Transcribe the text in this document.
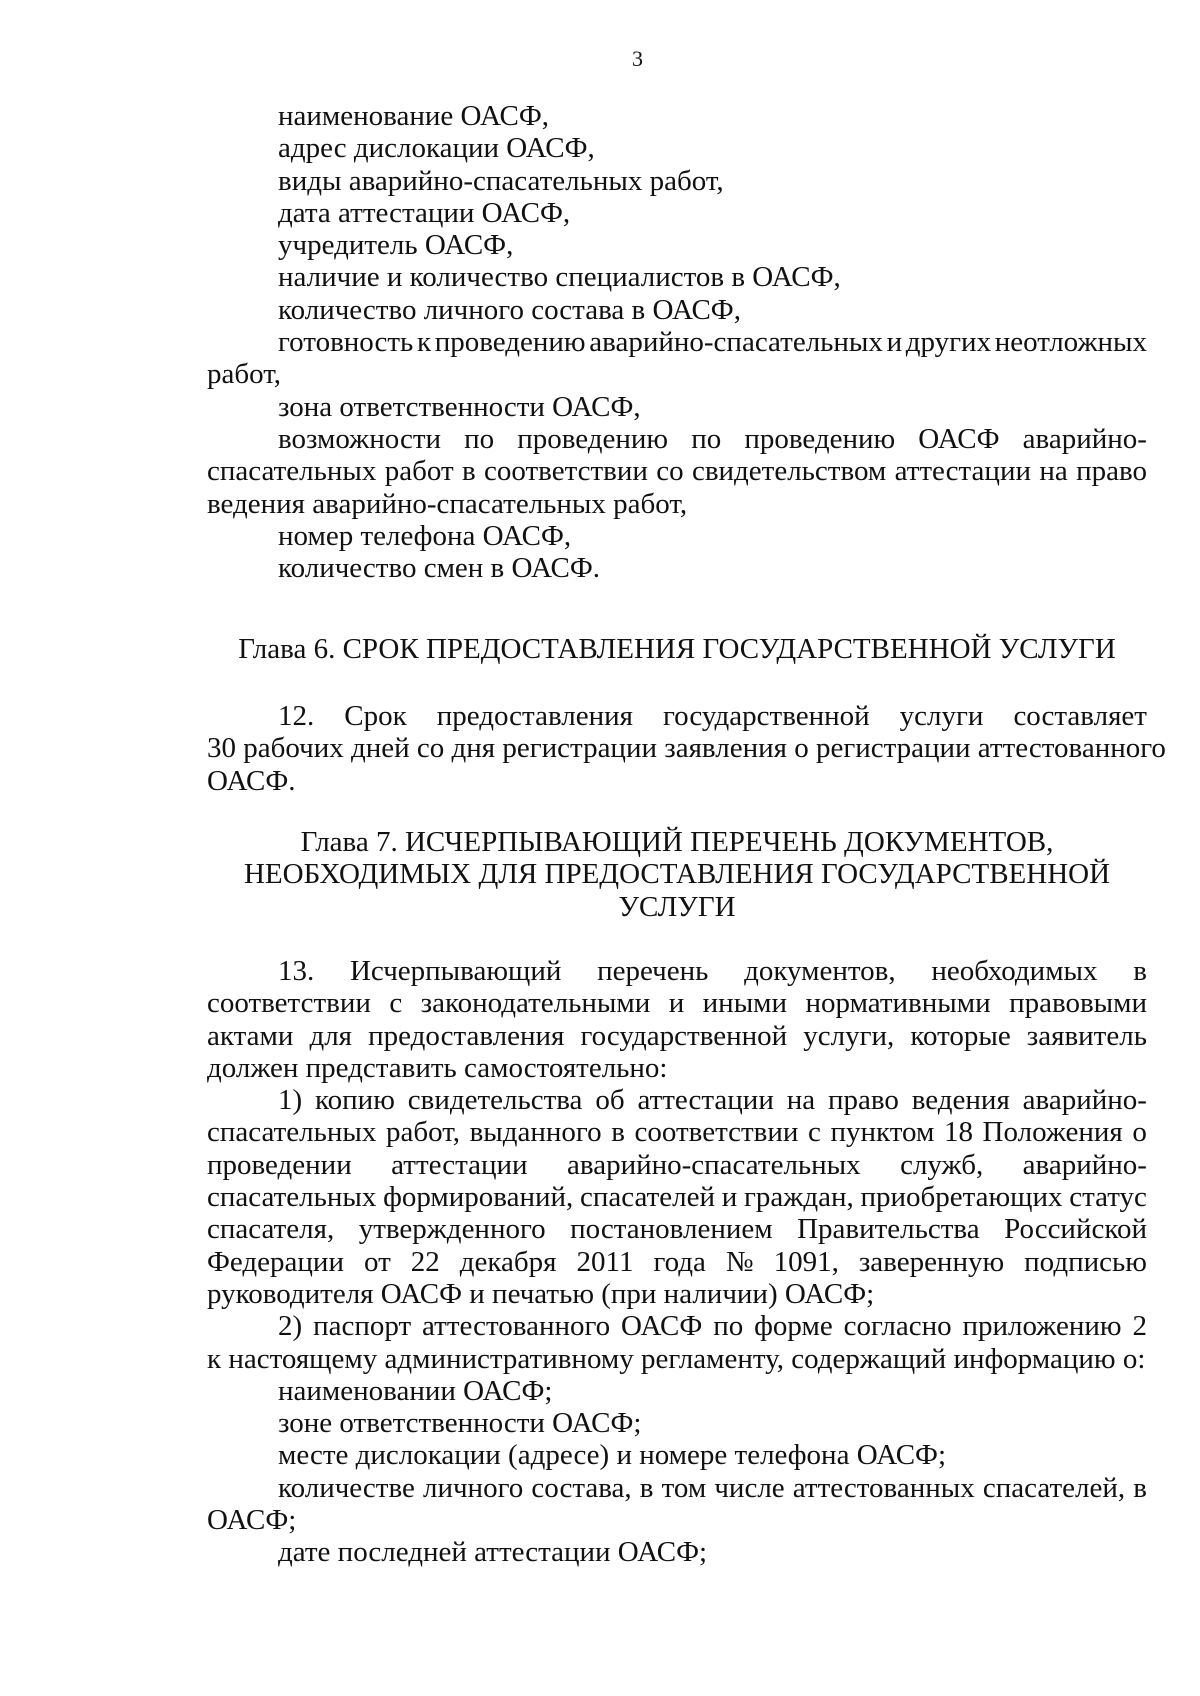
3
наименование ОАСФ,
адрес дислокации ОАСФ,
виды аварийно-спасательных работ,
дата аттестации ОАСФ,
учредитель ОАСФ,
наличие и количество специалистов в ОАСФ,
количество личного состава в ОАСФ,
готовность к проведению аварийно-спасательных и других неотложных
работ,
зона ответственности ОАСФ,
возможности по проведению по проведению ОАСФ аварийно-
спасательных работ в соответствии со свидетельством аттестации на право
ведения аварийно-спасательных работ,
номер телефона ОАСФ,
количество смен в ОАСФ.
Глава 6. СРОК ПРЕДОСТАВЛЕНИЯ ГОСУДАРСТВЕННОЙ УСЛУГИ
12. Срок предоставления государственной услуги составляет
30 рабочих дней со дня регистрации заявления о регистрации аттестованного
ОАСФ.
Глава 7. ИСЧЕРПЫВАЮЩИЙ ПЕРЕЧЕНЬ ДОКУМЕНТОВ,
НЕОБХОДИМЫХ ДЛЯ ПРЕДОСТАВЛЕНИЯ ГОСУДАРСТВЕННОЙ
УСЛУГИ
13. Исчерпывающий перечень документов, необходимых в
соответствии с законодательными и иными нормативными правовыми
актами для предоставления государственной услуги, которые заявитель
должен представить самостоятельно:
1) копию свидетельства об аттестации на право ведения аварийно-
спасательных работ, выданного в соответствии с пунктом 18 Положения о
проведении аттестации аварийно-спасательных служб, аварийно-
спасательных формирований, спасателей и граждан, приобретающих статус
спасателя, утвержденного постановлением Правительства Российской
Федерации от 22 декабря 2011 года № 1091, заверенную подписью
руководителя ОАСФ и печатью (при наличии) ОАСФ;
2) паспорт аттестованного ОАСФ по форме согласно приложению 2
к настоящему административному регламенту, содержащий информацию о:
наименовании ОАСФ;
зоне ответственности ОАСФ;
месте дислокации (адресе) и номере телефона ОАСФ;
количестве личного состава, в том числе аттестованных спасателей, в
ОАСФ;
дате последней аттестации ОАСФ;
